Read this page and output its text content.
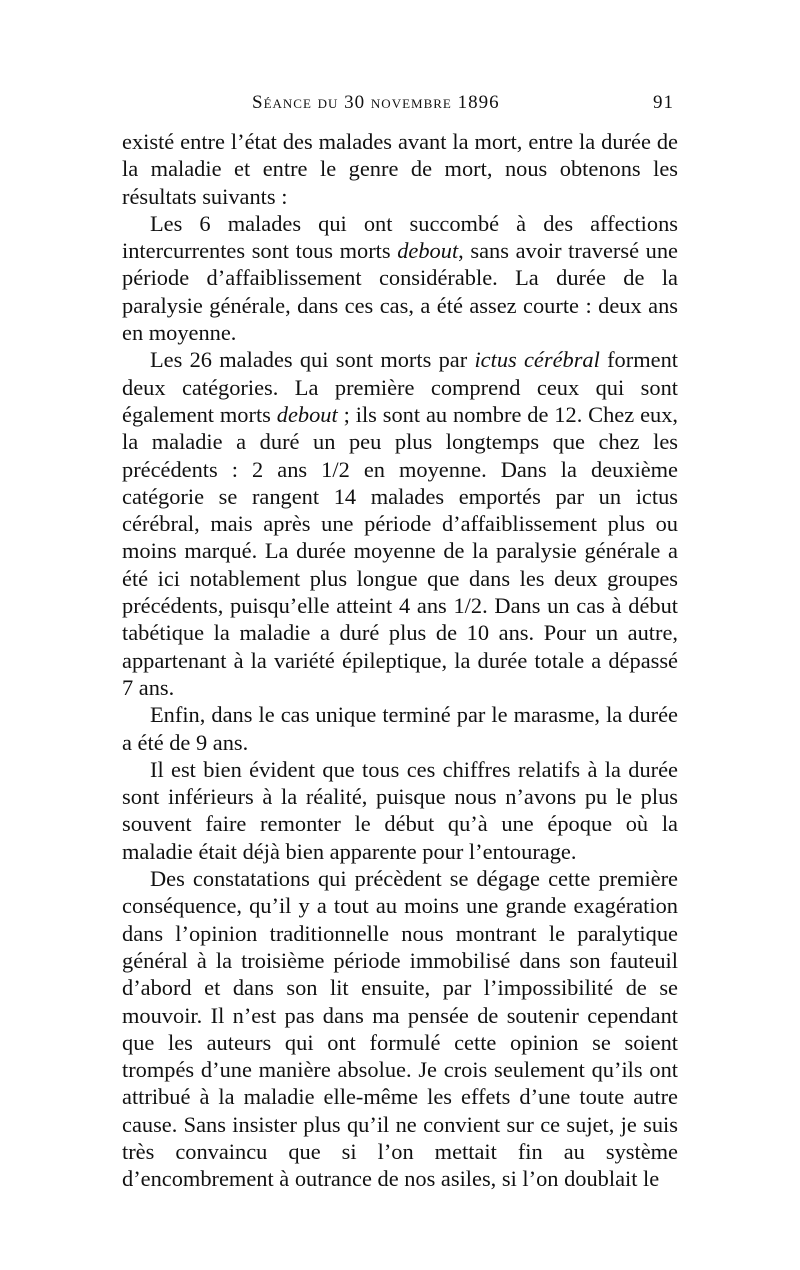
Séance du 30 novembre 1896	91

existé entre l’état des malades avant la mort, entre la durée de la maladie et entre le genre de mort, nous obtenons les résultats suivants :

Les 6 malades qui ont succombé à des affections intercurrentes sont tous morts debout, sans avoir traversé une période d’affaiblissement considérable. La durée de la paralysie générale, dans ces cas, a été assez courte : deux ans en moyenne.

Les 26 malades qui sont morts par ictus cérébral forment deux catégories. La première comprend ceux qui sont également morts debout ; ils sont au nombre de 12. Chez eux, la maladie a duré un peu plus longtemps que chez les précédents : 2 ans 1/2 en moyenne. Dans la deuxième catégorie se rangent 14 malades emportés par un ictus cérébral, mais après une période d’affaiblissement plus ou moins marqué. La durée moyenne de la paralysie générale a été ici notablement plus longue que dans les deux groupes précédents, puisqu’elle atteint 4 ans 1/2. Dans un cas à début tabétique la maladie a duré plus de 10 ans. Pour un autre, appartenant à la variété épileptique, la durée totale a dépassé 7 ans.

Enfin, dans le cas unique terminé par le marasme, la durée a été de 9 ans.

Il est bien évident que tous ces chiffres relatifs à la durée sont inférieurs à la réalité, puisque nous n’avons pu le plus souvent faire remonter le début qu’à une époque où la maladie était déjà bien apparente pour l’entourage.

Des constatations qui précèdent se dégage cette première conséquence, qu’il y a tout au moins une grande exagération dans l’opinion traditionnelle nous montrant le paralytique général à la troisième période immobilisé dans son fauteuil d’abord et dans son lit ensuite, par l’impossibilité de se mouvoir. Il n’est pas dans ma pensée de soutenir cependant que les auteurs qui ont formulé cette opinion se soient trompés d’une manière absolue. Je crois seulement qu’ils ont attribué à la maladie elle-même les effets d’une toute autre cause. Sans insister plus qu’il ne convient sur ce sujet, je suis très convaincu que si l’on mettait fin au système d’encombrement à outrance de nos asiles, si l’on doublait le
